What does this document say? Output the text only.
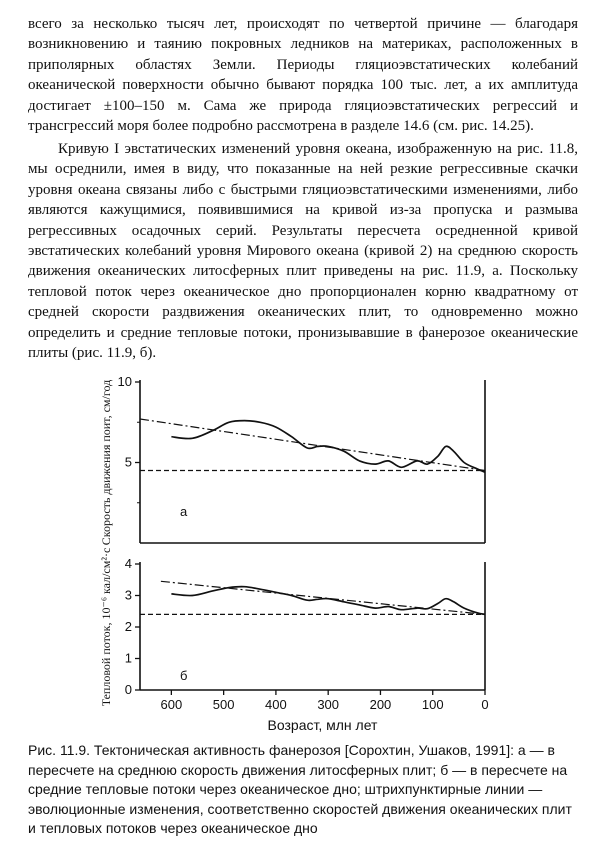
всего за несколько тысяч лет, происходят по четвертой причине — благодаря возникновению и таянию покровных ледников на материках, расположенных в приполярных областях Земли. Периоды гляциоэвстатических колебаний океанической поверхности обычно бывают порядка 100 тыс. лет, а их амплитуда достигает ±100–150 м. Сама же природа гляциоэвстатических регрессий и трансгрессий моря более подробно рассмотрена в разделе 14.6 (см. рис. 14.25).

Кривую I эвстатических изменений уровня океана, изображенную на рис. 11.8, мы осреднили, имея в виду, что показанные на ней резкие регрессивные скачки уровня океана связаны либо с быстрыми гляциоэвстатическими изменениями, либо являются кажущимися, появившимися на кривой из-за пропуска и размыва регрессивных осадочных серий. Результаты пересчета осредненной кривой эвстатических колебаний уровня Мирового океана (кривой 2) на среднюю скорость движения океанических литосферных плит приведены на рис. 11.9, а. Поскольку тепловой поток через океаническое дно пропорционален корню квадратному от средней скорости раздвижения океанических плит, то одновременно можно определить и средние тепловые потоки, пронизывавшие в фанерозое океанические плиты (рис. 11.9, б).

5
10
Скорость движения поит, см/год	а
0
1
2
3
4
Тепловой поток, 10⁻⁶ кал/см²·с	б
600 500 400 300 200 100	0
Возраст, млн лет

Рис. 11.9. Тектоническая активность фанерозоя [Сорохтин, Ушаков, 1991]: а — в пересчете на среднюю скорость движения литосферных плит; б — в пересчете на средние тепловые потоки через океаническое дно; штрихпунктирные линии — эволюционные изменения, соответственно скоростей движения океанических плит и тепловых потоков через океаническое дно
